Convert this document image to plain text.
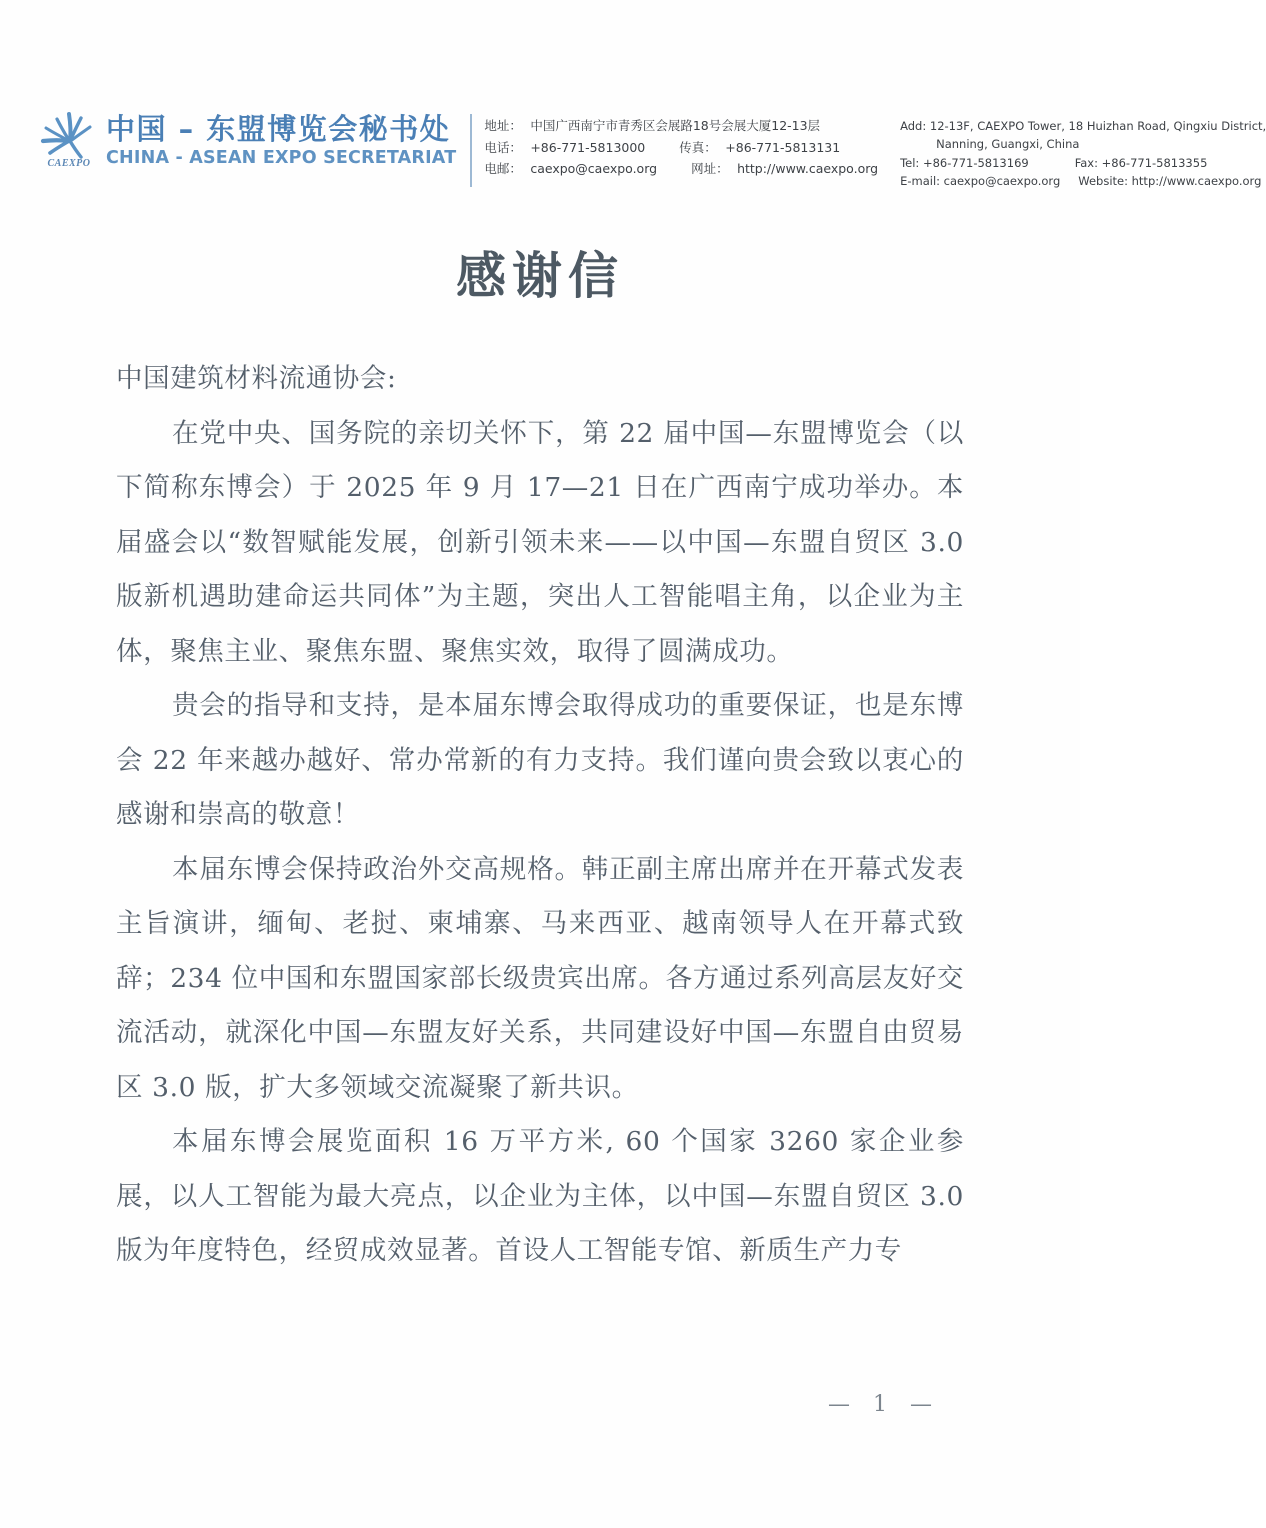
CAEXPO
中国 – 东盟博览会秘书处
CHINA - ASEAN EXPO SECRETARIAT
地址： 中国广西南宁市青秀区会展路18号会展大厦12-13层
电话： +86-771-5813000	传真： +86-771-5813131
电邮： caexpo@caexpo.org	网址： http://www.caexpo.org
Add: 12-13F, CAEXPO Tower, 18 Huizhan Road, Qingxiu District,
Nanning, Guangxi, China
Tel: +86-771-5813169	Fax: +86-771-5813355
E-mail: caexpo@caexpo.org Website: http://www.caexpo.org
感谢信

中国建筑材料流通协会:

在党中央、国务院的亲切关怀下，第 22 届中国—东盟博览会（以下简称东博会）于 2025 年 9 月 17—21 日在广西南宁成功举办。本届盛会以“数智赋能发展，创新引领未来——以中国—东盟自贸区 3.0 版新机遇助建命运共同体”为主题，突出人工智能唱主角，以企业为主体，聚焦主业、聚焦东盟、聚焦实效，取得了圆满成功。

贵会的指导和支持，是本届东博会取得成功的重要保证，也是东博会 22 年来越办越好、常办常新的有力支持。我们谨向贵会致以衷心的感谢和崇高的敬意！

本届东博会保持政治外交高规格。韩正副主席出席并在开幕式发表主旨演讲，缅甸、老挝、柬埔寨、马来西亚、越南领导人在开幕式致辞；234 位中国和东盟国家部长级贵宾出席。各方通过系列高层友好交流活动，就深化中国—东盟友好关系，共同建设好中国—东盟自由贸易区 3.0 版，扩大多领域交流凝聚了新共识。

本届东博会展览面积 16 万平方米, 60 个国家 3260 家企业参展，以人工智能为最大亮点，以企业为主体，以中国—东盟自贸区 3.0 版为年度特色，经贸成效显著。首设人工智能专馆、新质生产力专

— 1 —
